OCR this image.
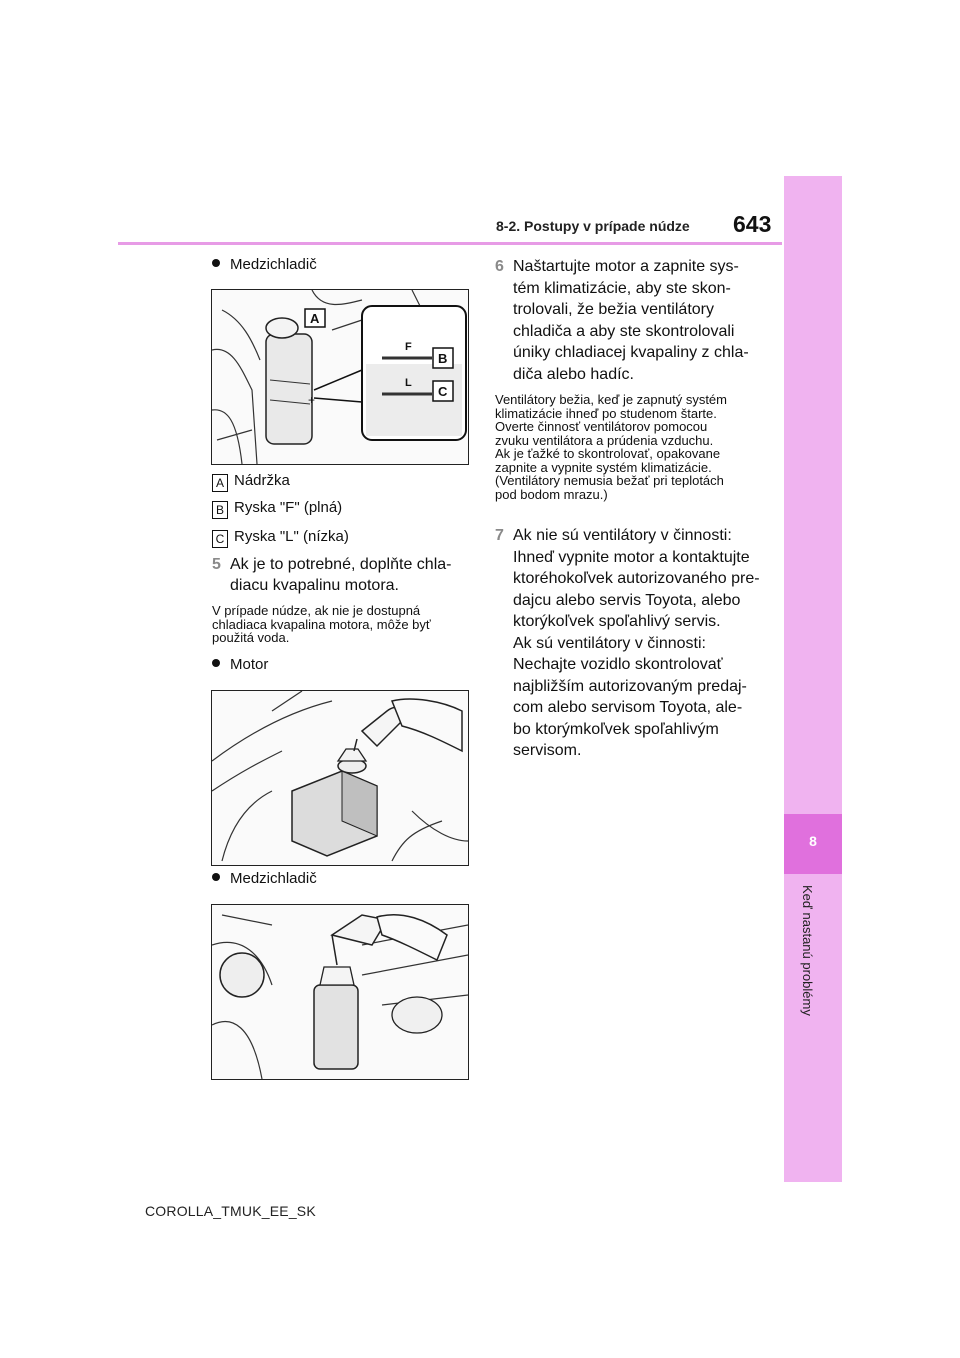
8
Keď nastanú problémy
8-2. Postupy v prípade núdze 643
Medzichladič
+
F
L
A
B
C
A Nádržka
B Ryska "F" (plná)
C Ryska "L" (nízka)
5 Ak je to potrebné, doplňte chla-
diacu kvapalinu motora.
V prípade núdze, ak nie je dostupná
chladiaca kvapalina motora, môže byť
použitá voda.
Motor
Medzichladič
6 Naštartujte motor a zapnite sys-
tém klimatizácie, aby ste skon-
trolovali, že bežia ventilátory
chladiča a aby ste skontrolovali
úniky chladiacej kvapaliny z chla-
diča alebo hadíc.
Ventilátory bežia, keď je zapnutý systém
klimatizácie ihneď po studenom štarte.
Overte činnosť ventilátorov pomocou
zvuku ventilátora a prúdenia vzduchu.
Ak je ťažké to skontrolovať, opakovane
zapnite a vypnite systém klimatizácie.
(Ventilátory nemusia bežať pri teplotách
pod bodom mrazu.)
7 Ak nie sú ventilátory v činnosti:
Ihneď vypnite motor a kontaktujte
ktoréhokoľvek autorizovaného pre-
dajcu alebo servis Toyota, alebo
ktorýkoľvek spoľahlivý servis.
Ak sú ventilátory v činnosti:
Nechajte vozidlo skontrolovať
najbližším autorizovaným predaj-
com alebo servisom Toyota, ale-
bo ktorýmkoľvek spoľahlivým
servisom.
COROLLA_TMUK_EE_SK
